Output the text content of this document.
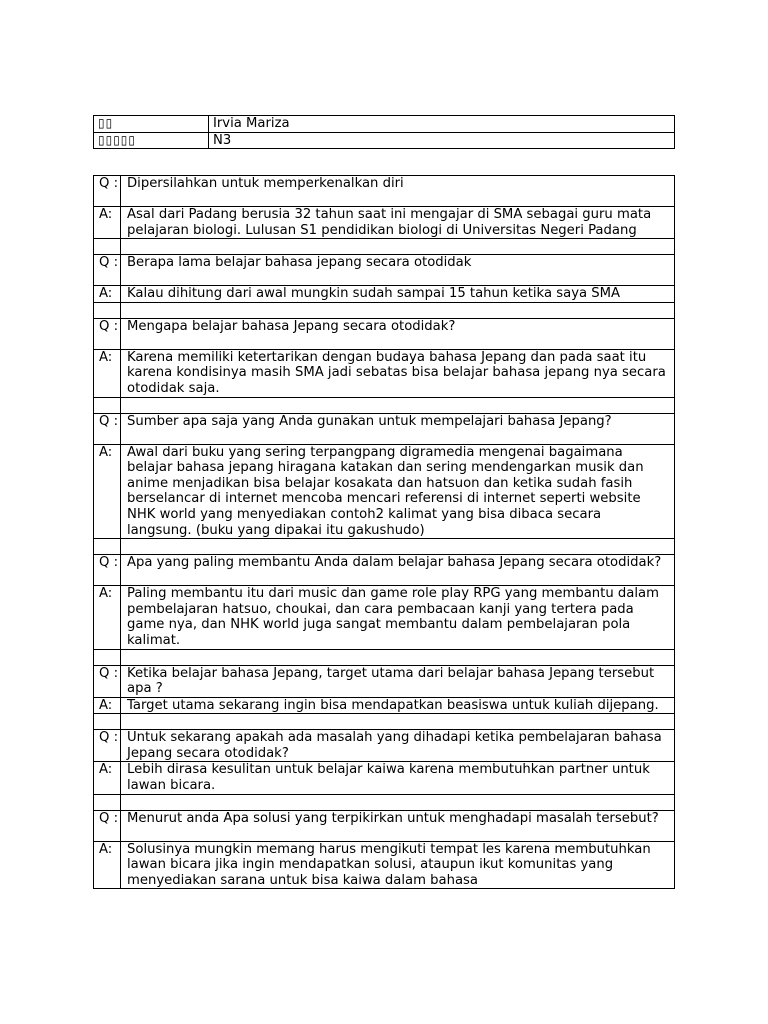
▯▯	Irvia Mariza
▯▯▯▯▯	N3
Q :	Dipersilahkan untuk memperkenalkan diri
A:	Asal dari Padang berusia 32 tahun saat ini mengajar di SMA sebagai guru mata pelajaran biologi. Lulusan S1 pendidikan biologi di Universitas Negeri Padang

Q :	Berapa lama belajar bahasa jepang secara otodidak
A:	Kalau dihitung dari awal mungkin sudah sampai 15 tahun ketika saya SMA

Q :	Mengapa belajar bahasa Jepang secara otodidak?
A:	Karena memiliki ketertarikan dengan budaya bahasa Jepang dan pada saat itu karena kondisinya masih SMA jadi sebatas bisa belajar bahasa jepang nya secara otodidak saja.

Q :	Sumber apa saja yang Anda gunakan untuk mempelajari bahasa Jepang?
A:	Awal dari buku yang sering terpangpang digramedia mengenai bagaimana belajar bahasa jepang hiragana katakan dan sering mendengarkan musik dan anime menjadikan bisa belajar kosakata dan hatsuon dan ketika sudah fasih berselancar di internet mencoba mencari referensi di internet seperti website NHK world yang menyediakan contoh2 kalimat yang bisa dibaca secara langsung. (buku yang dipakai itu gakushudo)

Q :	Apa yang paling membantu Anda dalam belajar bahasa Jepang secara otodidak?
A:	Paling membantu itu dari music dan game role play RPG yang membantu dalam pembelajaran hatsuo, choukai, dan cara pembacaan kanji yang tertera pada game nya, dan NHK world juga sangat membantu dalam pembelajaran pola kalimat.

Q :	Ketika belajar bahasa Jepang, target utama dari belajar bahasa Jepang tersebut apa ?
A:	Target utama sekarang ingin bisa mendapatkan beasiswa untuk kuliah dijepang.

Q :	Untuk sekarang apakah ada masalah yang dihadapi ketika pembelajaran bahasa Jepang secara otodidak?
A:	Lebih dirasa kesulitan untuk belajar kaiwa karena membutuhkan partner untuk lawan bicara.

Q :	Menurut anda Apa solusi yang terpikirkan untuk menghadapi masalah tersebut?
A:	Solusinya mungkin memang harus mengikuti tempat les karena membutuhkan lawan bicara jika ingin mendapatkan solusi, ataupun ikut komunitas yang menyediakan sarana untuk bisa kaiwa dalam bahasa
